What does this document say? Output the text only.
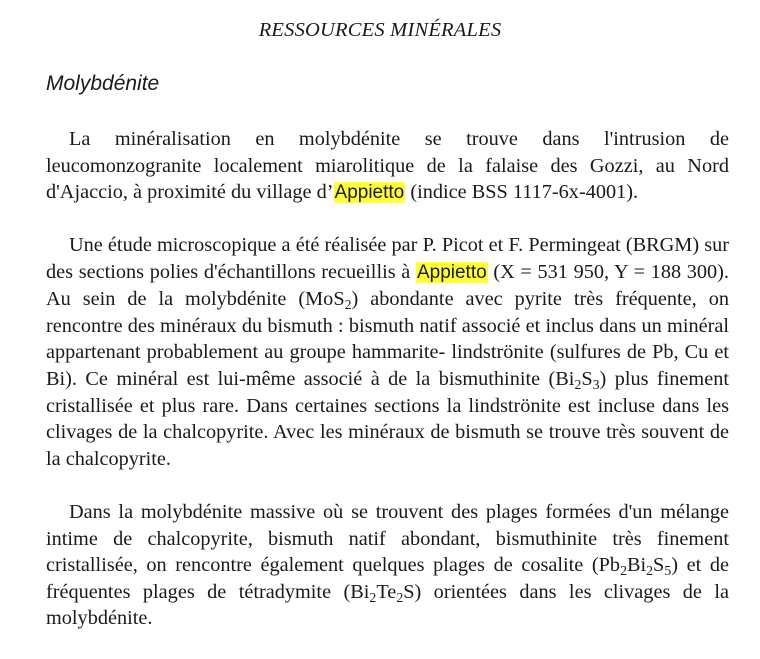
RESSOURCES MINÉRALES
Molybdénite

La minéralisation en molybdénite se trouve dans l'intrusion de leucomonzogranite localement miarolitique de la falaise des Gozzi, au Nord d'Ajaccio, à proximité du village d’Appietto (indice BSS 1117-6x-4001).

Une étude microscopique a été réalisée par P. Picot et F. Permingeat (BRGM) sur des sections polies d'échantillons recueillis à Appietto (X = 531 950, Y = 188 300). Au sein de la molybdénite (MoS$_2$) abondante avec pyrite très fréquente, on rencontre des minéraux du bismuth : bismuth natif associé et inclus dans un minéral appartenant probablement au groupe hammarite- lindströnite (sulfures de Pb, Cu et Bi). Ce minéral est lui-même associé à de la bismuthinite $(Bi_2S_3)$ plus finement cristallisée et plus rare. Dans certaines sections la lindströnite est incluse dans les clivages de la chalcopyrite. Avec les minéraux de bismuth se trouve très souvent de la chalcopyrite.

Dans la molybdénite massive où se trouvent des plages formées d'un mélange intime de chalcopyrite, bismuth natif abondant, bismuthinite très finement cristallisée, on rencontre également quelques plages de cosalite $(Pb_2Bi_2S_5)$ et de fréquentes plages de tétradymite $(Bi_2Te_2S)$ orientées dans les clivages de la molybdénite.
